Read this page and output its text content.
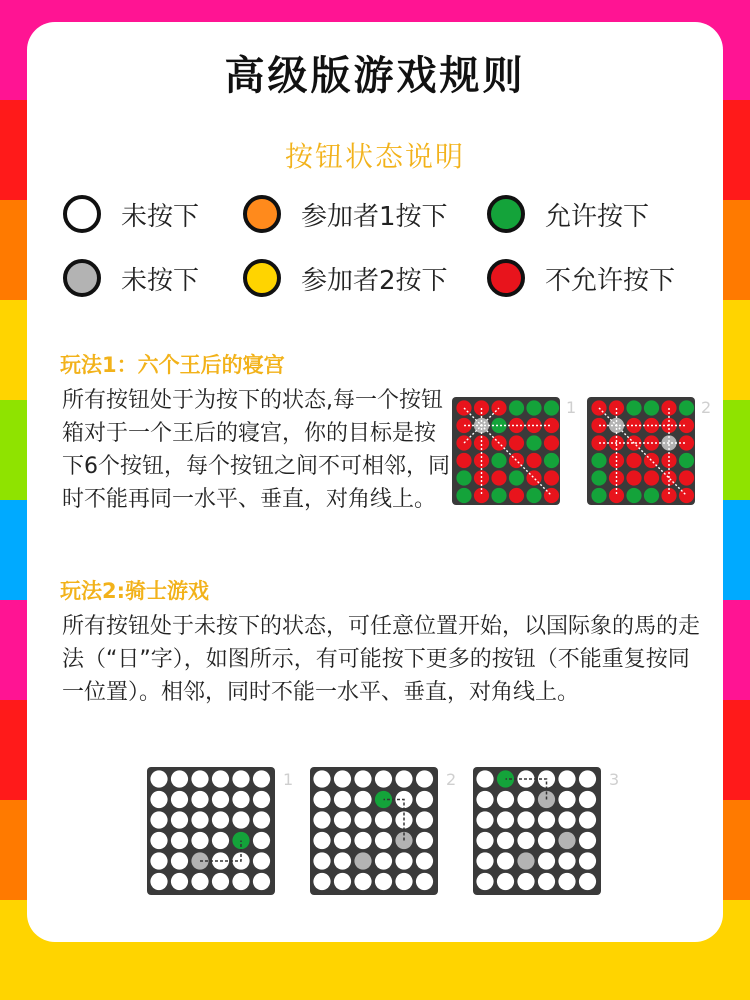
高级版游戏规则
按钮状态说明
未按下	参加者1按下	允许按下
未按下	参加者2按下	不允许按下
玩法1：六个王后的寝宫
所有按钮处于为按下的状态,每一个按钮箱对于一个王后的寝宫，你的目标是按下6个按钮，每个按钮之间不可相邻，同时不能再同一水平、垂直，对角线上。
1	2
玩法2:骑士游戏
所有按钮处于未按下的状态，可任意位置开始，以国际象的馬的走法（“日”字），如图所示，有可能按下更多的按钮（不能重复按同一位置）。相邻，同时不能一水平、垂直，对角线上。
1	2	3
